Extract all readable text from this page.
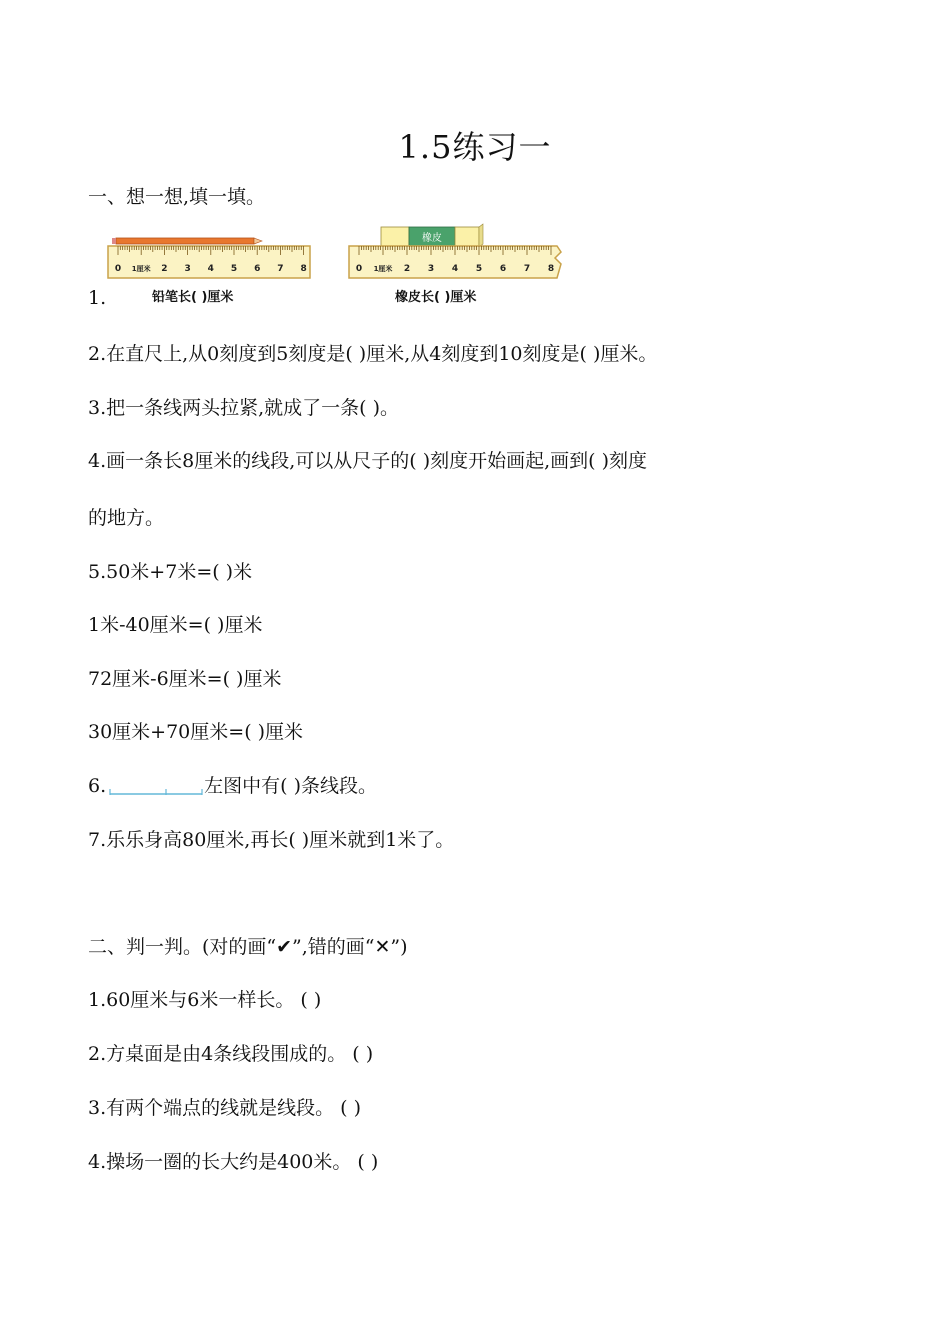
1.5练习一
一、想一想,填一填。
1.
0 1厘米 2 3 4 5 6 7 8
铅笔长( )厘米
橡皮
0 1厘米 2 3 4 5 6 7 8
橡皮长( )厘米
2.在直尺上,从0刻度到5刻度是( )厘米,从4刻度到10刻度是( )厘米。
3.把一条线两头拉紧,就成了一条( )。
4.画一条长8厘米的线段,可以从尺子的( )刻度开始画起,画到( )刻度
的地方。
5.50米+7米=( )米
1米-40厘米=( )厘米
72厘米-6厘米=( )厘米
30厘米+70厘米=( )厘米
6.	左图中有( )条线段。
7.乐乐身高80厘米,再长( )厘米就到1米了。
二、判一判。(对的画“✔”,错的画“✕”)
1.60厘米与6米一样长。 ( )
2.方桌面是由4条线段围成的。 ( )
3.有两个端点的线就是线段。 ( )
4.操场一圈的长大约是400米。 ( )
